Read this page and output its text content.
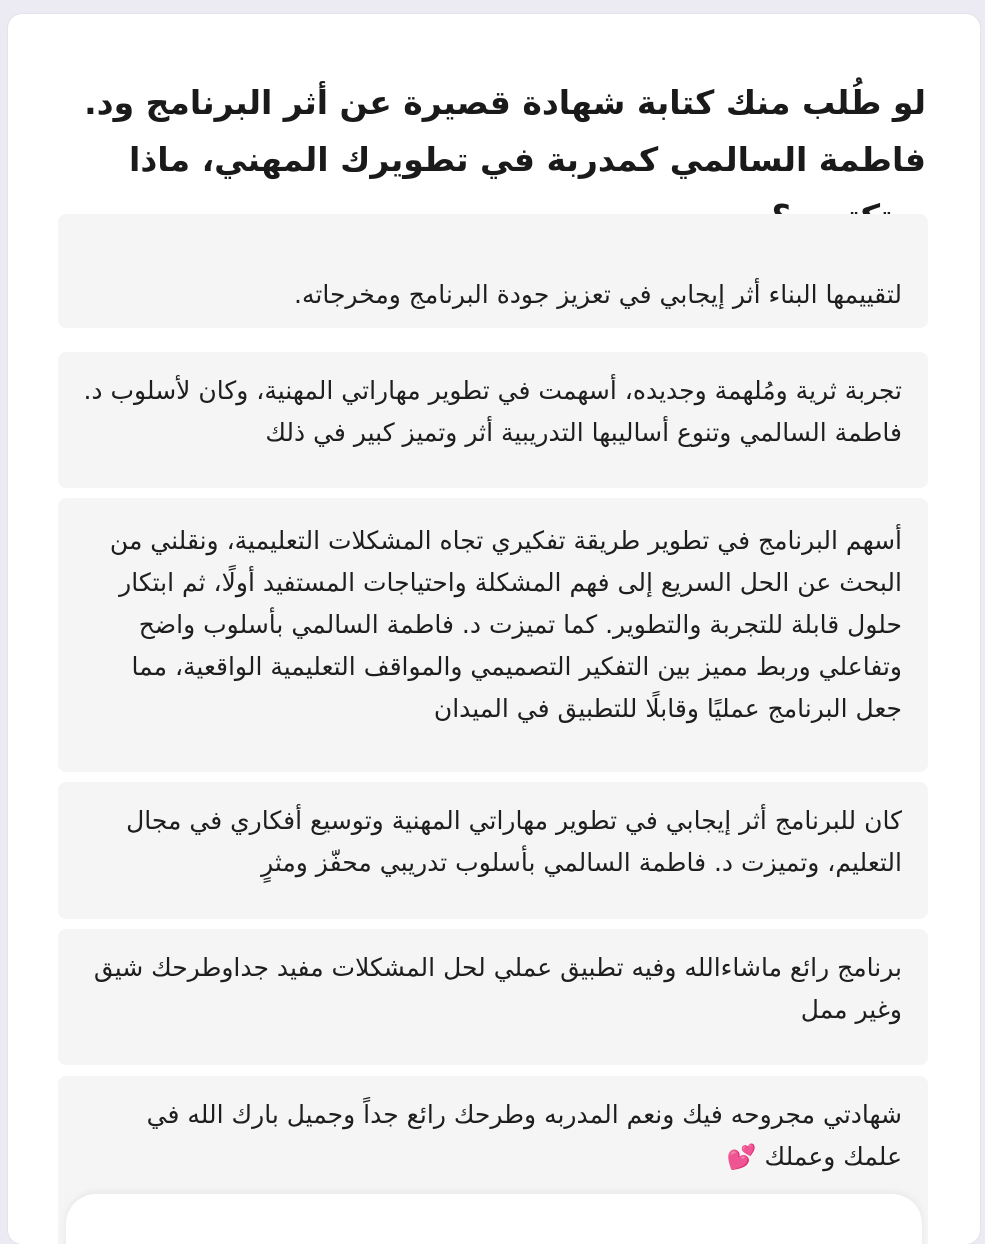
لو طُلب منك كتابة شهادة قصيرة عن أثر البرنامج ود. فاطمة السالمي كمدربة في تطويرك المهني، ماذا
لتقييمها البناء أثر إيجابي في تعزيز جودة البرنامج ومخرجاته.
تجربة ثرية ومُلهمة وجديده، أسهمت في تطوير مهاراتي المهنية، وكان لأسلوب د. فاطمة السالمي وتنوع أساليبها التدريبية أثر وتميز كبير في ذلك
أسهم البرنامج في تطوير طريقة تفكيري تجاه المشكلات التعليمية، ونقلني من البحث عن الحل السريع إلى فهم المشكلة واحتياجات المستفيد أولًا، ثم ابتكار حلول قابلة للتجربة والتطوير. كما تميزت د. فاطمة السالمي بأسلوب واضح وتفاعلي وربط مميز بين التفكير التصميمي والمواقف التعليمية الواقعية، مما جعل البرنامج عمليًا وقابلًا للتطبيق في الميدان
كان للبرنامج أثر إيجابي في تطوير مهاراتي المهنية وتوسيع أفكاري في مجال التعليم، وتميزت د. فاطمة السالمي بأسلوب تدريبي محفّز ومثرٍ
برنامج رائع ماشاءالله وفيه تطبيق عملي لحل المشكلات مفيد جداوطرحك شيق وغير ممل
شهادتي مجروحه فيك ونعم المدربه وطرحك رائع جداً وجميل بارك الله في علمك وعملك 💕
